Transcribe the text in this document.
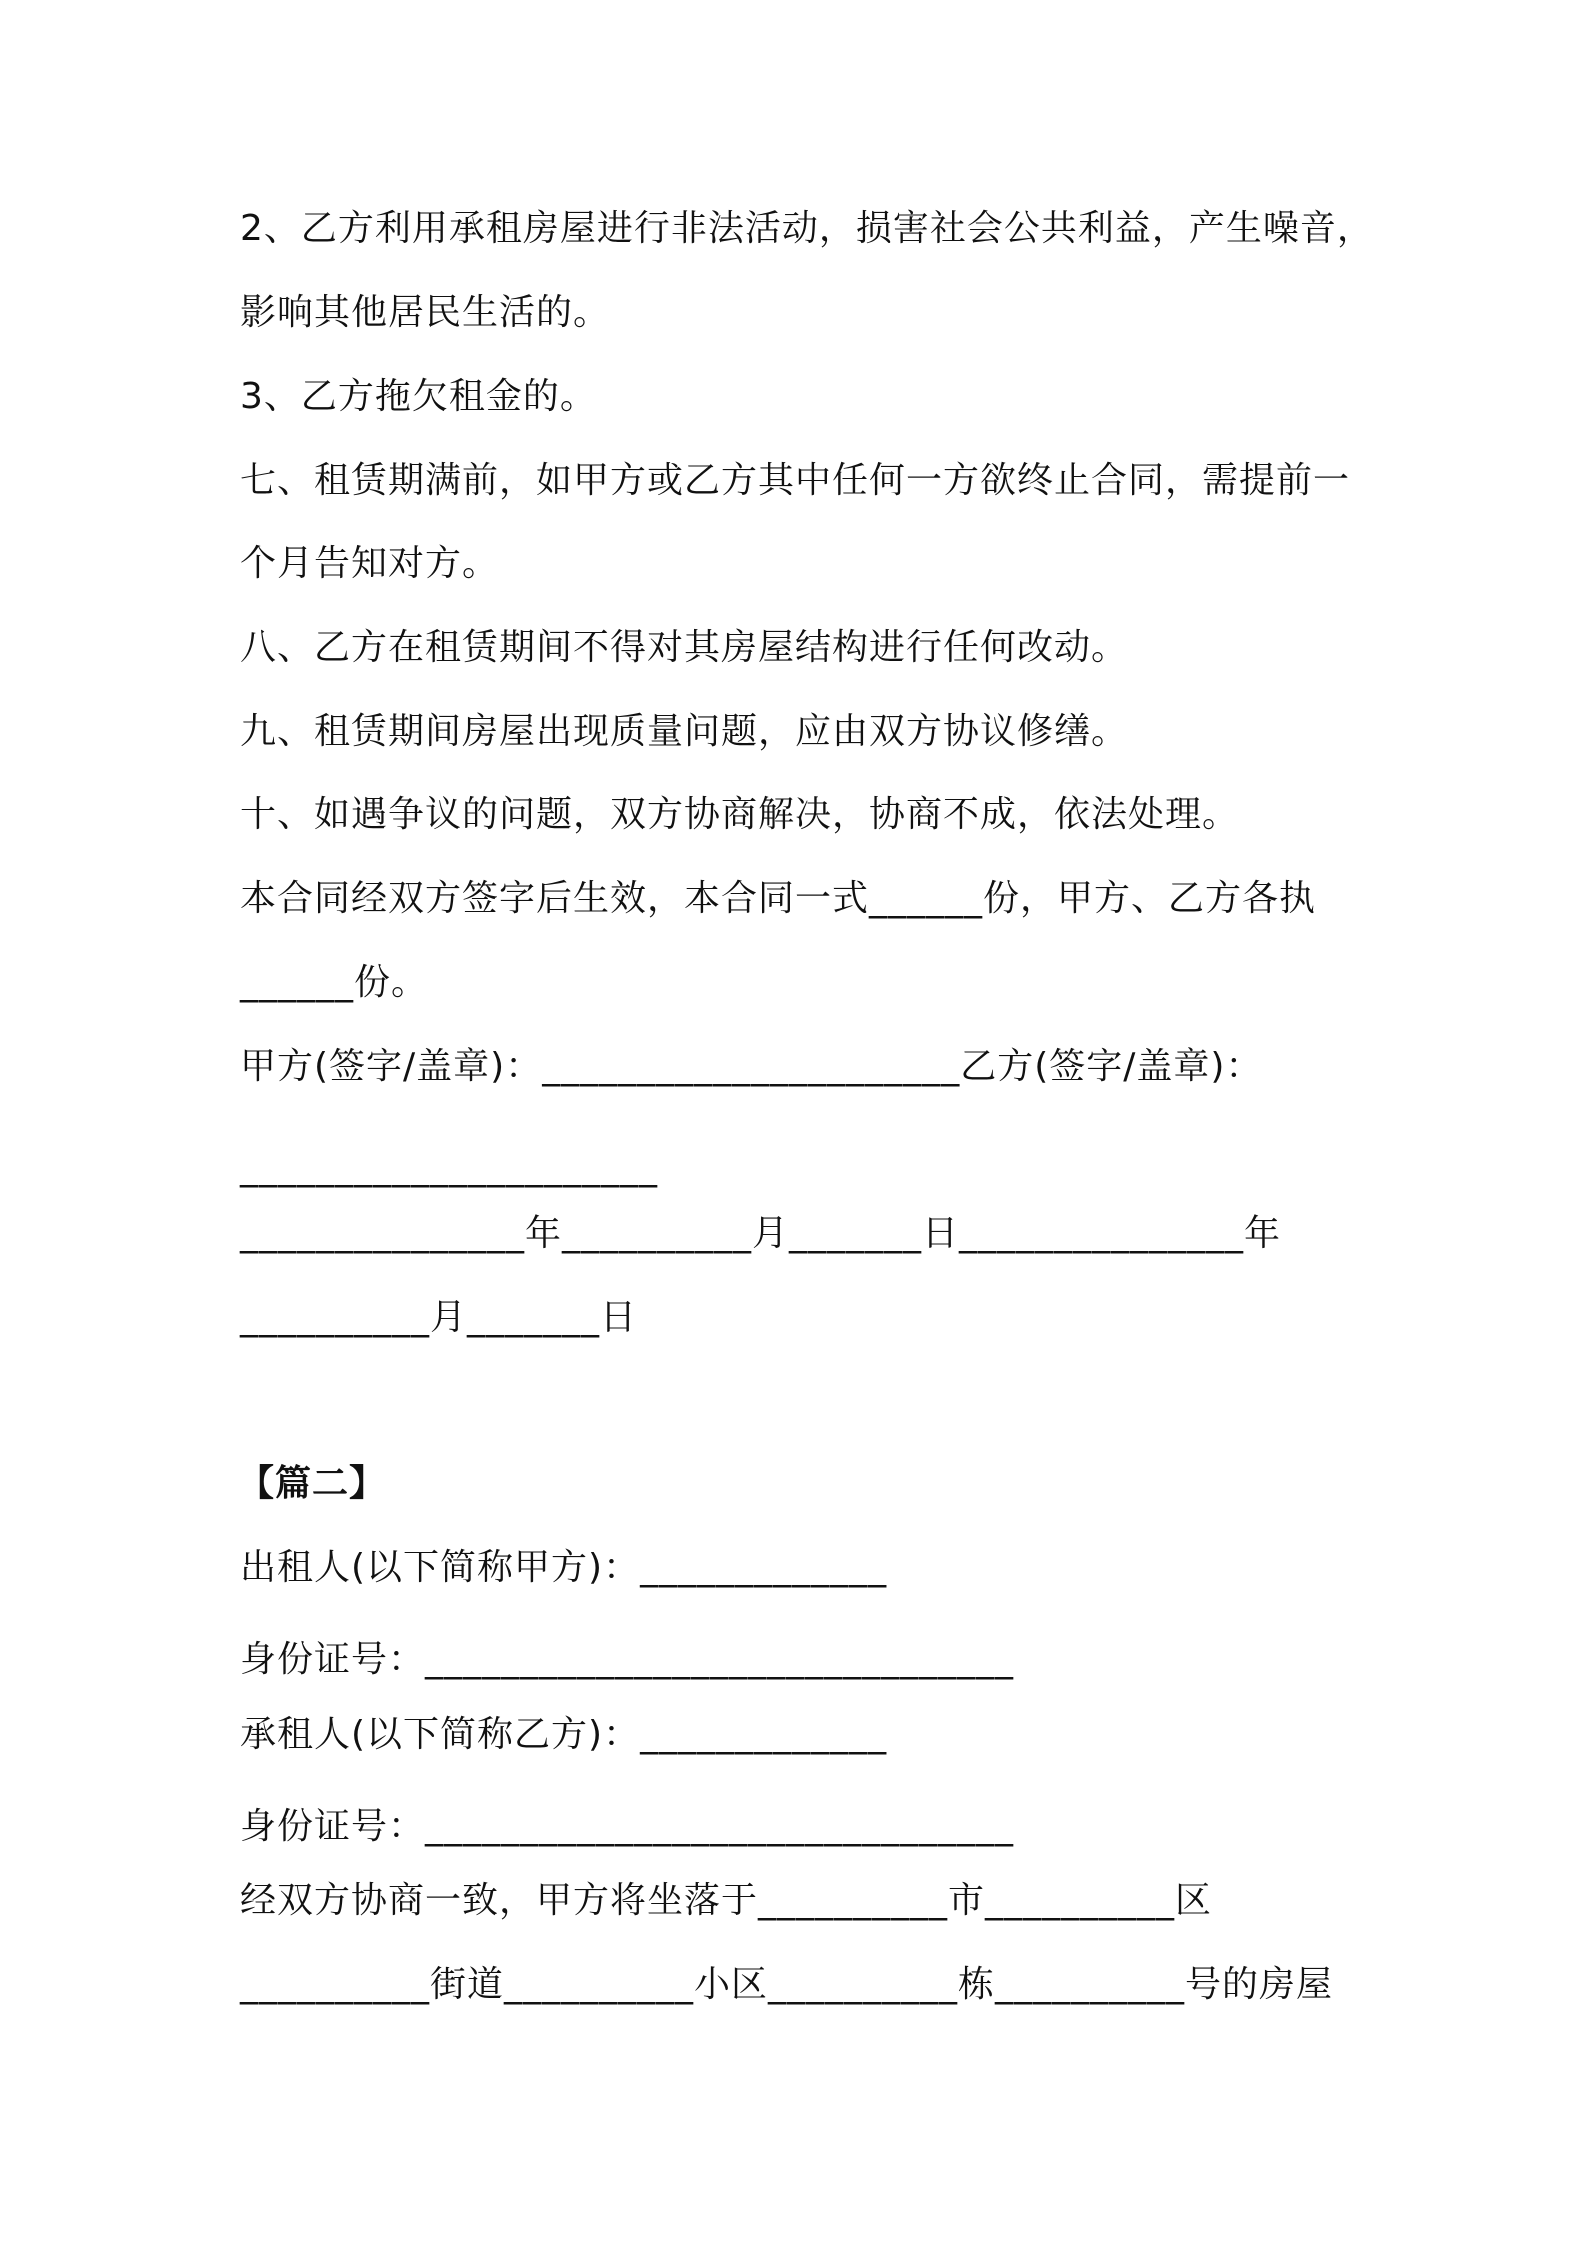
2、乙方利用承租房屋进行非法活动，损害社会公共利益，产生噪音，
影响其他居民生活的。
3、乙方拖欠租金的。
七、租赁期满前，如甲方或乙方其中任何一方欲终止合同，需提前一
个月告知对方。
八、乙方在租赁期间不得对其房屋结构进行任何改动。
九、租赁期间房屋出现质量问题，应由双方协议修缮。
十、如遇争议的问题，双方协商解决，协商不成，依法处理。
本合同经双方签字后生效，本合同一式______份，甲方、乙方各执
______份。
甲方(签字/盖章)：______________________乙方(签字/盖章)：
______________________
_______________年__________月_______日_______________年
__________月_______日
【篇二】
出租人(以下简称甲方)：_____________
身份证号：_______________________________
承租人(以下简称乙方)：_____________
身份证号：_______________________________
经双方协商一致，甲方将坐落于__________市__________区
__________街道__________小区__________栋__________号的房屋
